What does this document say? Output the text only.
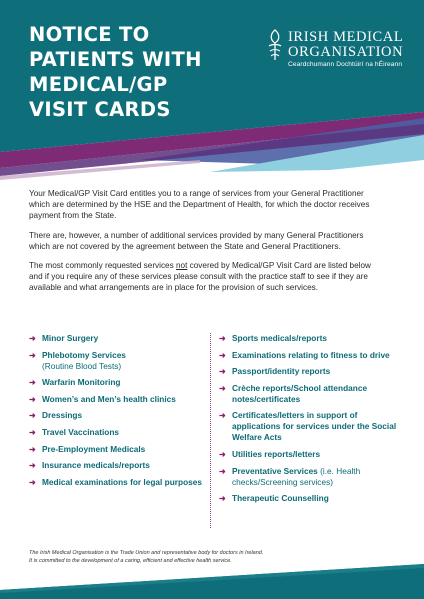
NOTICE TO
PATIENTS WITH
MEDICAL/GP
VISIT CARDS
IRISH MEDICAL
ORGANISATION
Ceardchumann Dochtúirí na hÉireann

Your Medical/GP Visit Card entitles you to a range of services from your General Practitioner which are determined by the HSE and the Department of Health, for which the doctor receives payment from the State.

There are, however, a number of additional services provided by many General Practitioners which are not covered by the agreement between the State and General Practitioners.

The most commonly requested services not covered by Medical/GP Visit Card are listed below and if you require any of these services please consult with the practice staff to see if they are available and what arrangements are in place for the provision of such services.

➜ Minor Surgery
➜ Phlebotomy Services
(Routine Blood Tests)
➜ Warfarin Monitoring
➜ Women’s and Men’s health clinics
➜ Dressings
➜ Travel Vaccinations
➜ Pre-Employment Medicals
➜ Insurance medicals/reports
➜ Medical examinations for legal purposes
➜ Sports medicals/reports
➜ Examinations relating to fitness to drive
➜ Passport/identity reports
➜ Crèche reports/School attendance notes/certificates
➜ Certificates/letters in support of applications for services under the Social Welfare Acts
➜ Utilities reports/letters
➜ Preventative Services (i.e. Health checks/Screening services)
➜ Therapeutic Counselling
The Irish Medical Organisation is the Trade Union and representative body for doctors in Ireland.
It is committed to the development of a caring, efficient and effective health service.
